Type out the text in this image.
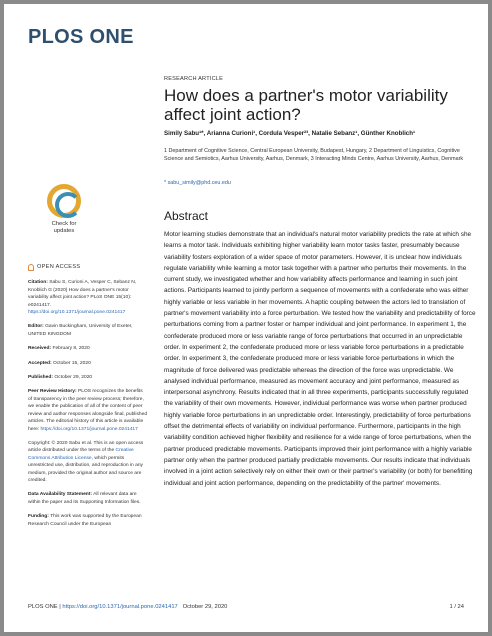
PLOS ONE
RESEARCH ARTICLE
How does a partner's motor variability affect joint action?
Simily Sabu¹*, Arianna Curioni¹, Cordula Vesper²³, Natalie Sebanz¹, Günther Knoblich¹
1 Department of Cognitive Science, Central European University, Budapest, Hungary, 2 Department of Linguistics, Cognitive Science and Semiotics, Aarhus University, Aarhus, Denmark, 3 Interacting Minds Centre, Aarhus University, Aarhus, Denmark
* sabu_simily@phd.ceu.edu
Check for
updates
Abstract
Motor learning studies demonstrate that an individual's natural motor variability predicts the rate at which she learns a motor task. Individuals exhibiting higher variability learn motor tasks faster, presumably because variability fosters exploration of a wider space of motor parameters. However, it is unclear how individuals regulate variability while learning a motor task together with a partner who perturbs their movements. In the current study, we investigated whether and how variability affects performance and learning in such joint actions. Participants learned to jointly perform a sequence of movements with a confederate who was either highly variable or less variable in her movements. A haptic coupling between the actors led to translation of partner's movement variability into a force perturbation. We tested how the variability and predictability of force perturbations coming from a partner foster or hamper individual and joint performance. In experiment 1, the confederate produced more or less variable range of force perturbations that occurred in an unpredictable order. In experiment 2, the confederate produced more or less variable force perturbations in a predictable order. In experiment 3, the confederate produced more or less variable force perturbations in which the magnitude of force delivered was predictable whereas the direction of the force was unpredictable. We analysed individual performance, measured as movement accuracy and joint performance, measured as interpersonal asynchrony. Results indicated that in all three experiments, participants successfully regulated the variability of their own movements. However, individual performance was worse when partner produced highly variable force perturbations in an unpredictable order. Interestingly, predictability of force perturbations offset the detrimental effects of variability on individual performance. Furthermore, participants in the high variability condition achieved higher flexibility and resilience for a wide range of force perturbations, when the partner produced predictable movements. Participants improved their joint performance with a highly variable partner only when the partner produced partially predictable movements. Our results indicate that individuals involved in a joint action selectively rely on either their own or their partner's variability (or both) for benefitting individual and joint action performance, depending on the predictability of the partner' movements.
OPEN ACCESS
Citation: Sabu S, Curioni A, Vesper C, Sebanz N, Knoblich G (2020) How does a partner's motor variability affect joint action? PLoS ONE 15(10): e0241417. https://doi.org/10.1371/journal.pone.0241417
Editor: Gavin Buckingham, University of Exeter, UNITED KINGDOM
Received: February 8, 2020
Accepted: October 15, 2020
Published: October 29, 2020
Peer Review History: PLOS recognizes the benefits of transparency in the peer review process; therefore, we enable the publication of all of the content of peer review and author responses alongside final, published articles. The editorial history of this article is available here: https://doi.org/10.1371/journal.pone.0241417
Copyright: © 2020 Sabu et al. This is an open access article distributed under the terms of the Creative Commons Attribution License, which permits unrestricted use, distribution, and reproduction in any medium, provided the original author and source are credited.
Data Availability Statement: All relevant data are within the paper and its Supporting Information files.
Funding: This work was supported by the European Research Council under the European
PLOS ONE | https://doi.org/10.1371/journal.pone.0241417 October 29, 2020	1 / 24
